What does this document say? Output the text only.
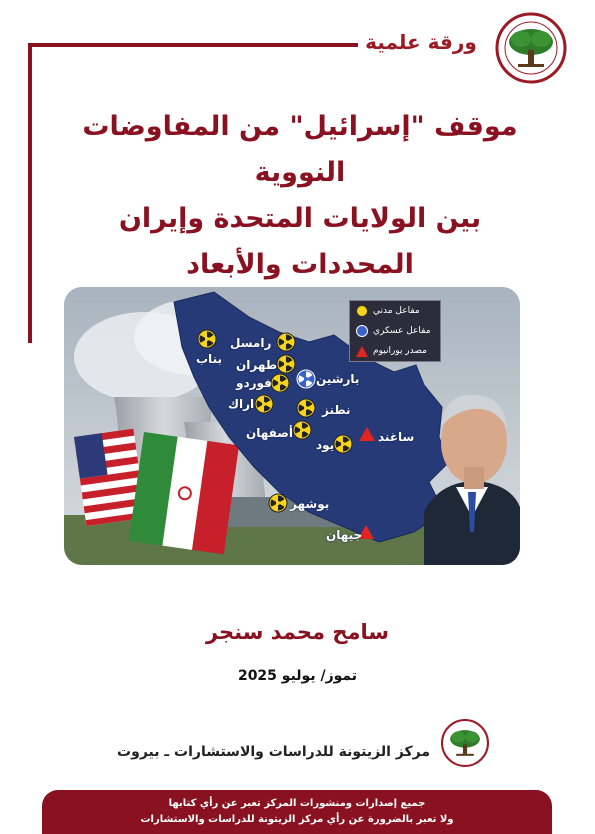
ورقة علمية
موقف "إسرائيل" من المفاوضات النووية
بين الولايات المتحدة وإيران
المحددات والأبعاد
مفاعل مدني
مفاعل عسكري
مصدر يورانيوم
رامسل
بناب طهران
فوردو
اراك
بارشين
نطنز
أصفهان
يود
ساغند
بوشهر
جيهان
سامح محمد سنجر
تموز/ يوليو 2025
مركز الزيتونة للدراسات والاستشارات ـ بيروت
جميع إصدارات ومنشورات المركز تعبر عن رأي كتابها
ولا تعبر بالضرورة عن رأي مركز الزيتونة للدراسات والاستشارات
